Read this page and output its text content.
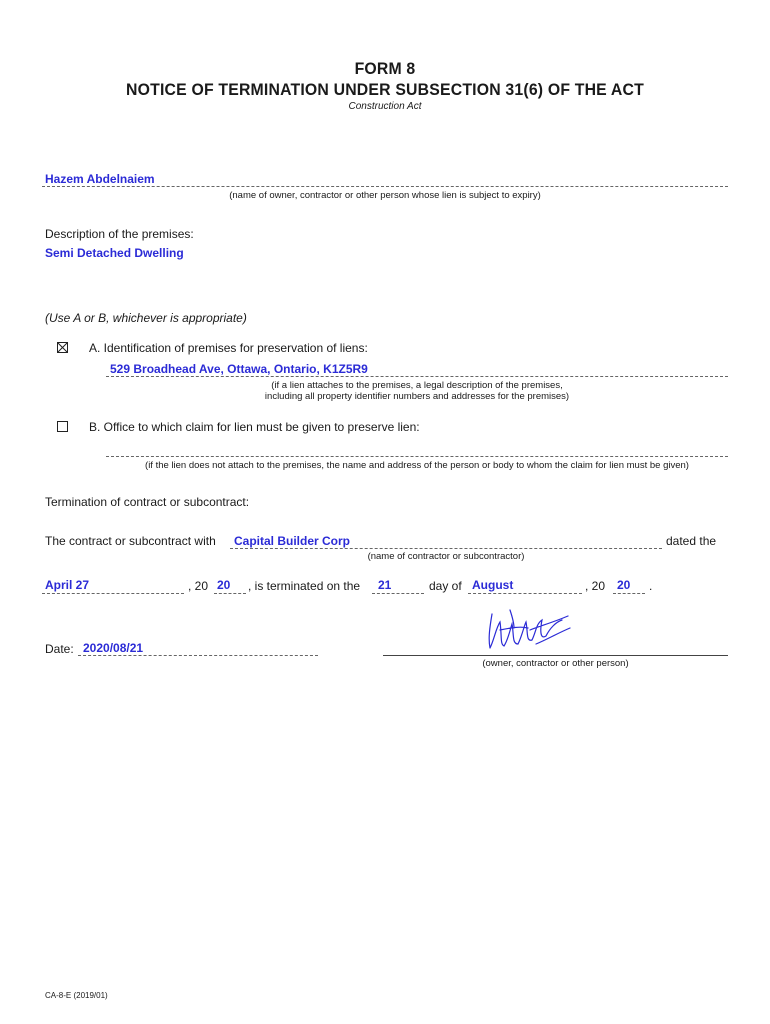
FORM 8
NOTICE OF TERMINATION UNDER SUBSECTION 31(6) OF THE ACT
Construction Act
Hazem Abdelnaiem
(name of owner, contractor or other person whose lien is subject to expiry)
Description of the premises:
Semi Detached Dwelling
(Use A or B, whichever is appropriate)
A. Identification of premises for preservation of liens:
529 Broadhead Ave, Ottawa, Ontario, K1Z5R9
(if a lien attaches to the premises, a legal description of the premises,
including all property identifier numbers and addresses for the premises)
B. Office to which claim for lien must be given to preserve lien:
(if the lien does not attach to the premises, the name and address of the person or body to whom the claim for lien must be given)
Termination of contract or subcontract:
The contract or subcontract with Capital Builder Corp	dated the
(name of contractor or subcontractor)
April 27	, 20 20 , is terminated on the 21	day of August	, 20 20 .
Date: 2020/08/21
(owner, contractor or other person)
CA-8-E (2019/01)
